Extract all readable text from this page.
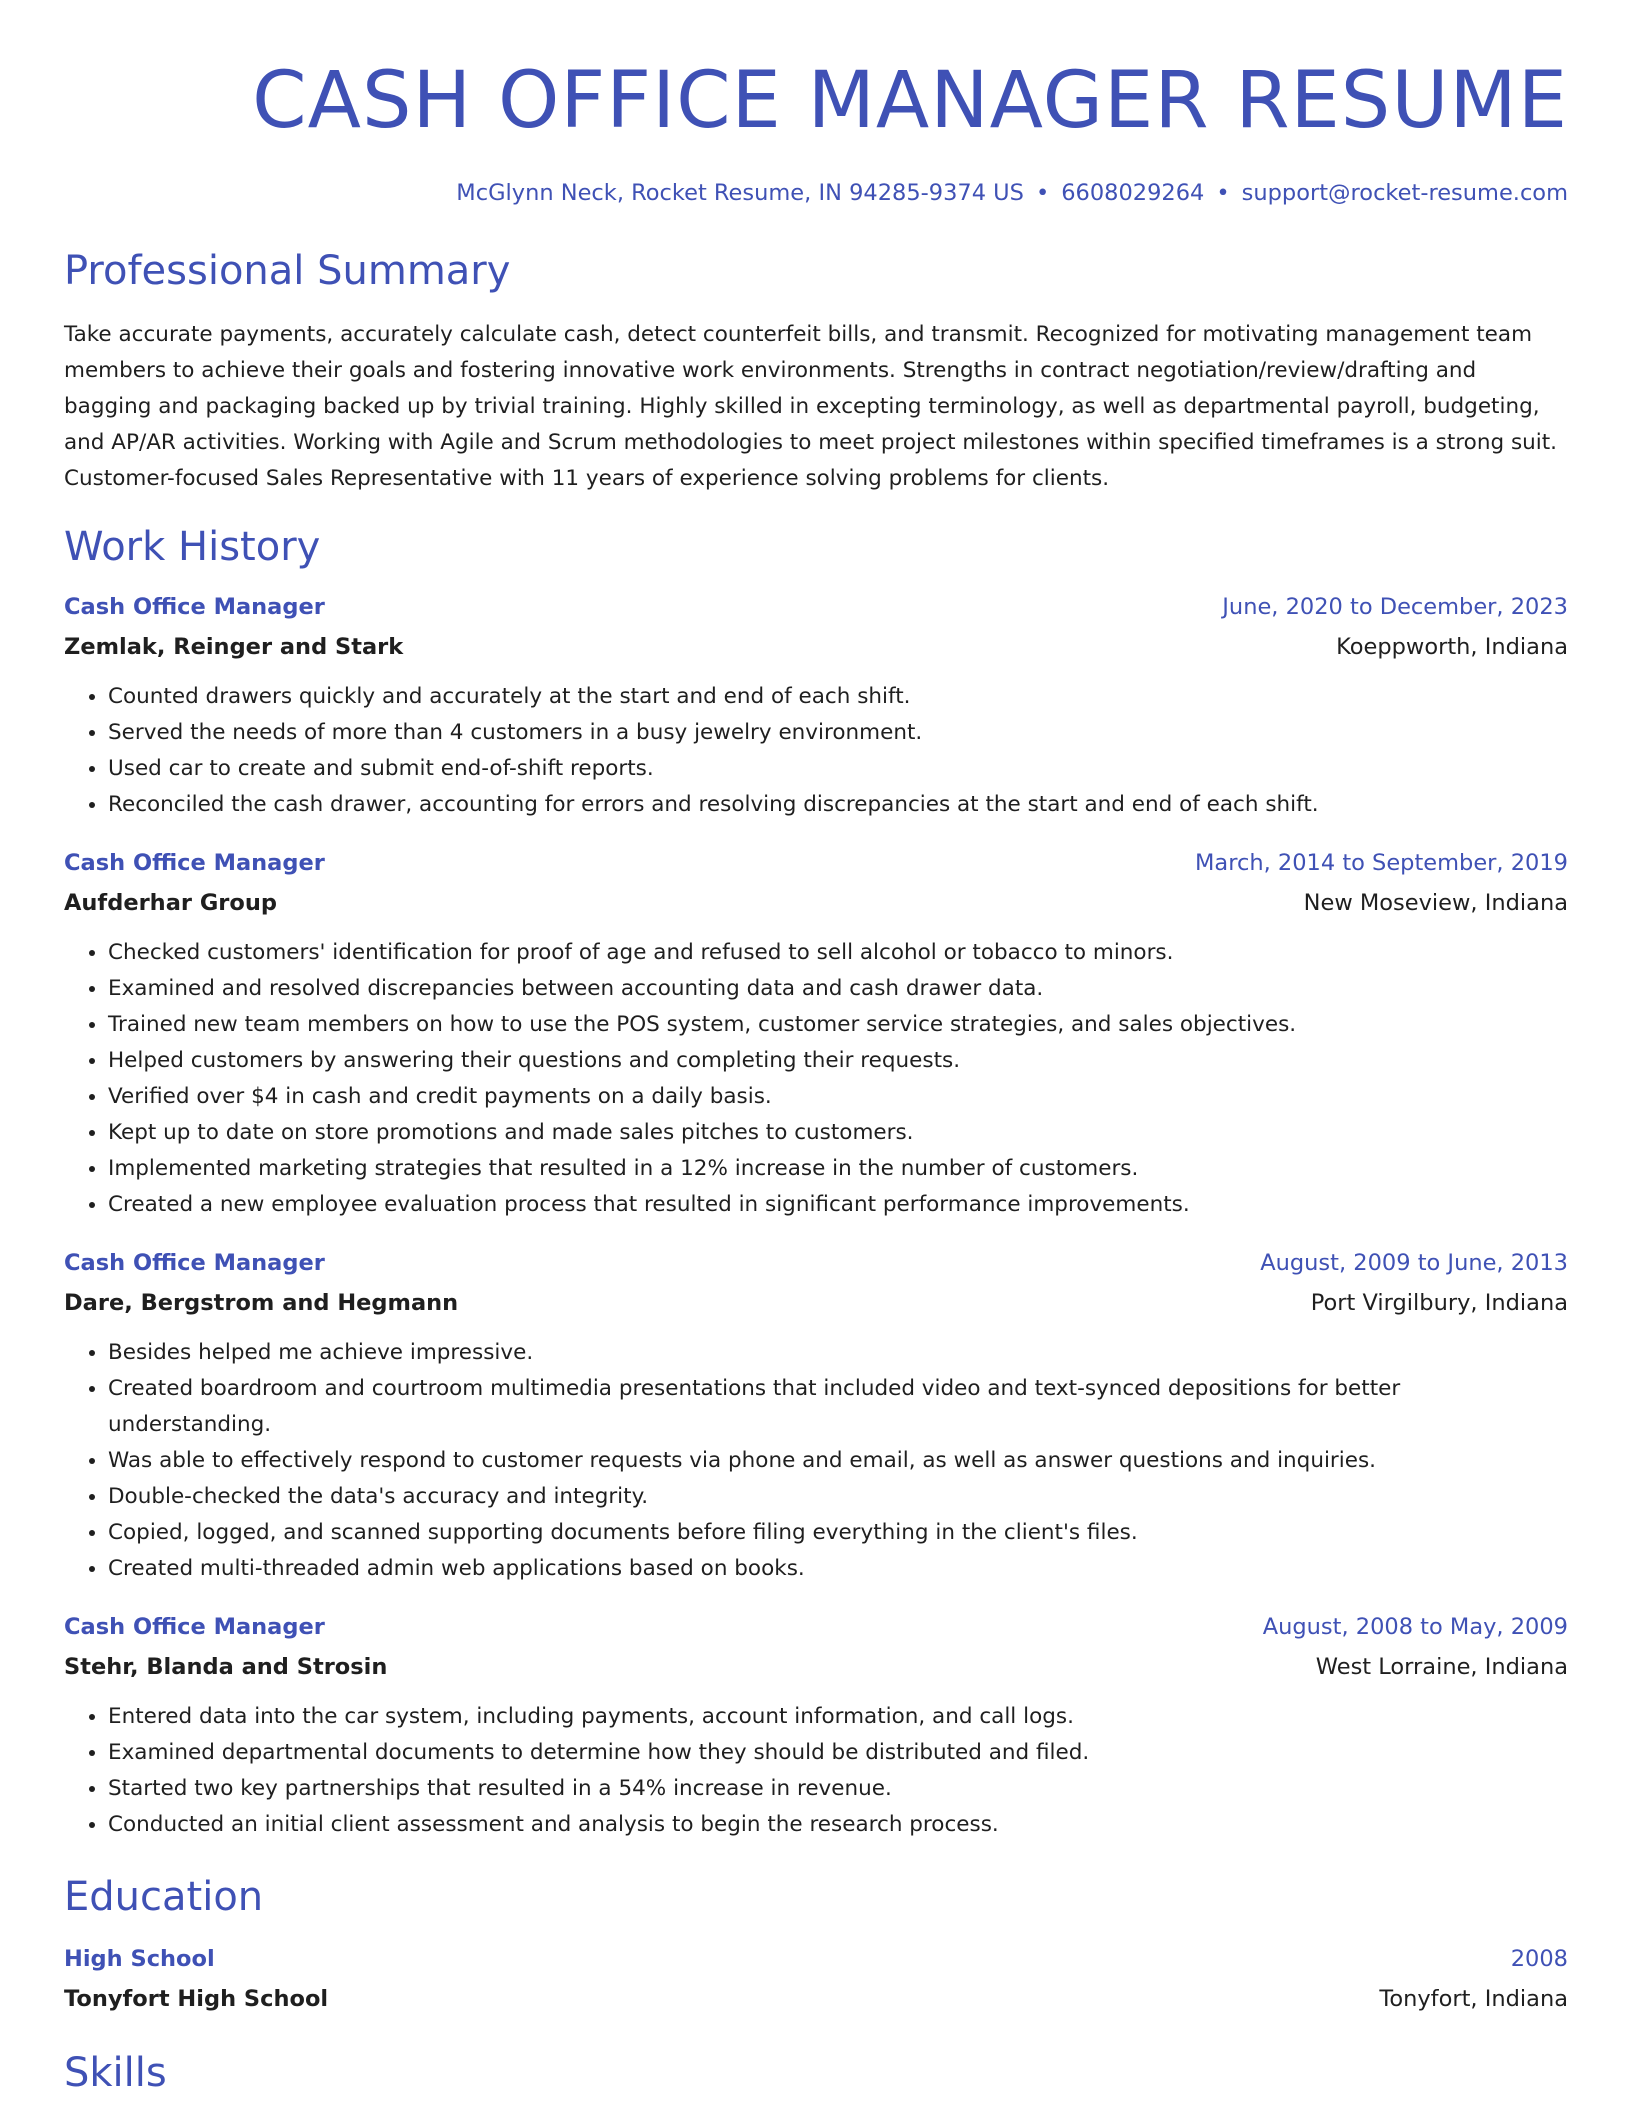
CASH OFFICE MANAGER RESUME
McGlynn Neck, Rocket Resume, IN 94285-9374 US • 6608029264 • support@rocket-resume.com
Professional Summary
Take accurate payments, accurately calculate cash, detect counterfeit bills, and transmit. Recognized for motivating management team members to achieve their goals and fostering innovative work environments. Strengths in contract negotiation/review/drafting and bagging and packaging backed up by trivial training. Highly skilled in excepting terminology, as well as departmental payroll, budgeting, and AP/AR activities. Working with Agile and Scrum methodologies to meet project milestones within specified timeframes is a strong suit. Customer-focused Sales Representative with 11 years of experience solving problems for clients.
Work History
Cash Office Manager	June, 2020 to December, 2023
Zemlak, Reinger and Stark	Koeppworth, Indiana
• Counted drawers quickly and accurately at the start and end of each shift.
• Served the needs of more than 4 customers in a busy jewelry environment.
• Used car to create and submit end-of-shift reports.
• Reconciled the cash drawer, accounting for errors and resolving discrepancies at the start and end of each shift.
Cash Office Manager	March, 2014 to September, 2019
Aufderhar Group	New Moseview, Indiana
• Checked customers' identification for proof of age and refused to sell alcohol or tobacco to minors.
• Examined and resolved discrepancies between accounting data and cash drawer data.
• Trained new team members on how to use the POS system, customer service strategies, and sales objectives.
• Helped customers by answering their questions and completing their requests.
• Verified over $4 in cash and credit payments on a daily basis.
• Kept up to date on store promotions and made sales pitches to customers.
• Implemented marketing strategies that resulted in a 12% increase in the number of customers.
• Created a new employee evaluation process that resulted in significant performance improvements.
Cash Office Manager	August, 2009 to June, 2013
Dare, Bergstrom and Hegmann	Port Virgilbury, Indiana
• Besides helped me achieve impressive.
• Created boardroom and courtroom multimedia presentations that included video and text-synced depositions for better understanding.
• Was able to effectively respond to customer requests via phone and email, as well as answer questions and inquiries.
• Double-checked the data's accuracy and integrity.
• Copied, logged, and scanned supporting documents before filing everything in the client's files.
• Created multi-threaded admin web applications based on books.
Cash Office Manager	August, 2008 to May, 2009
Stehr, Blanda and Strosin	West Lorraine, Indiana
• Entered data into the car system, including payments, account information, and call logs.
• Examined departmental documents to determine how they should be distributed and filed.
• Started two key partnerships that resulted in a 54% increase in revenue.
• Conducted an initial client assessment and analysis to begin the research process.
Education
High School	2008
Tonyfort High School	Tonyfort, Indiana
Skills
